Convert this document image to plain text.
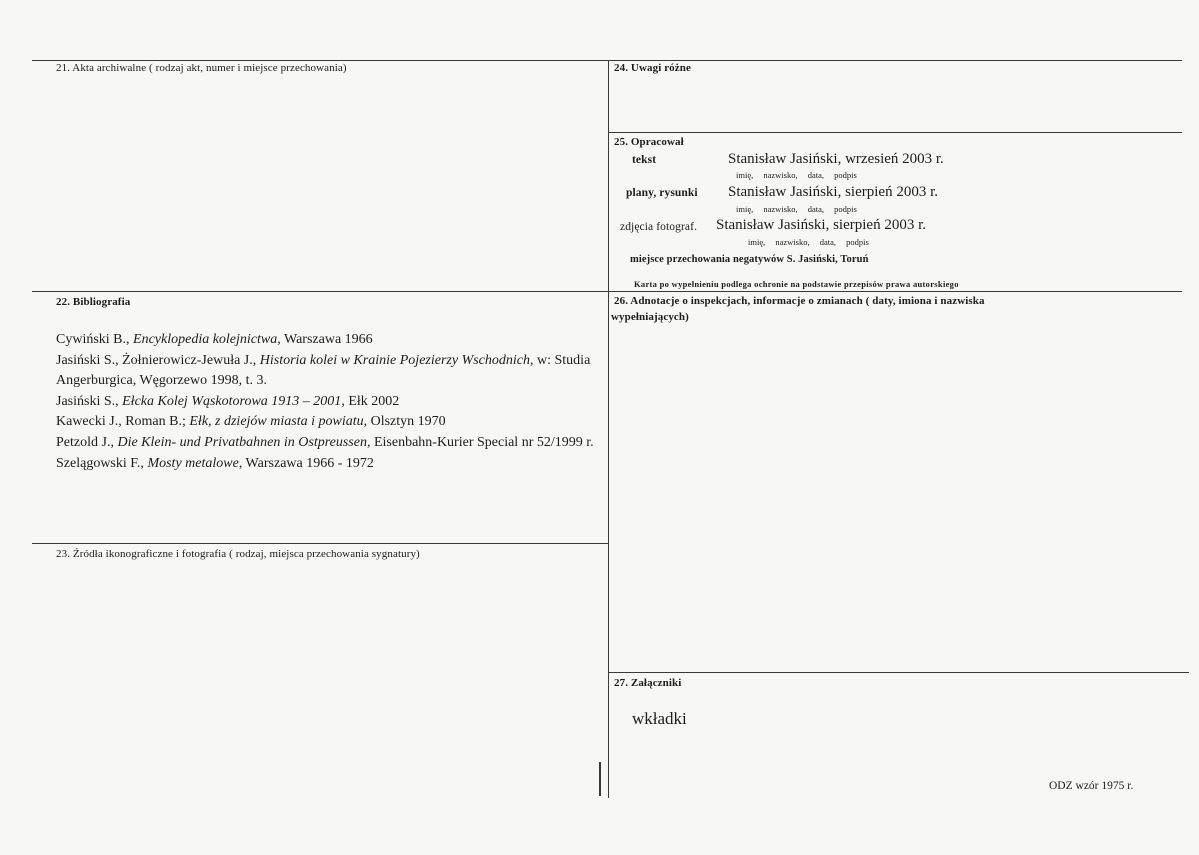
21. Akta archiwalne ( rodzaj akt, numer i miejsce przechowania)	24. Uwagi różne
25. Opracował
22. Bibliografia	26. Adnotacje o inspekcjach, informacje o zmianach ( daty, imiona i nazwiska
wypełniających)
23. Źródła ikonograficzne i fotografia ( rodzaj, miejsca przechowania sygnatury)
27. Załączniki
tekst	Stanisław Jasiński, wrzesień 2003 r.
imię, nazwisko, data, podpis
plany, rysunki Stanisław Jasiński, sierpień 2003 r.
imię, nazwisko, data, podpis
zdjęcia fotograf. Stanisław Jasiński, sierpień 2003 r.
imię, nazwisko, data, podpis
miejsce przechowania negatywów S. Jasiński, Toruń
Karta po wypełnieniu podlega ochronie na podstawie przepisów prawa autorskiego
Cywiński B., Encyklopedia kolejnictwa, Warszawa 1966
Jasiński S., Żołnierowicz-Jewuła J., Historia kolei w Krainie Pojezierzy Wschodnich, w: Studia Angerburgica, Węgorzewo 1998, t. 3.
Jasiński S., Ełcka Kolej Wąskotorowa 1913 – 2001, Ełk 2002
Kawecki J., Roman B.; Ełk, z dziejów miasta i powiatu, Olsztyn 1970
Petzold J., Die Klein- und Privatbahnen in Ostpreussen, Eisenbahn-Kurier Special nr 52/1999 r.
Szelągowski F., Mosty metalowe, Warszawa 1966 - 1972
wkładki
ODZ wzór 1975 r.
